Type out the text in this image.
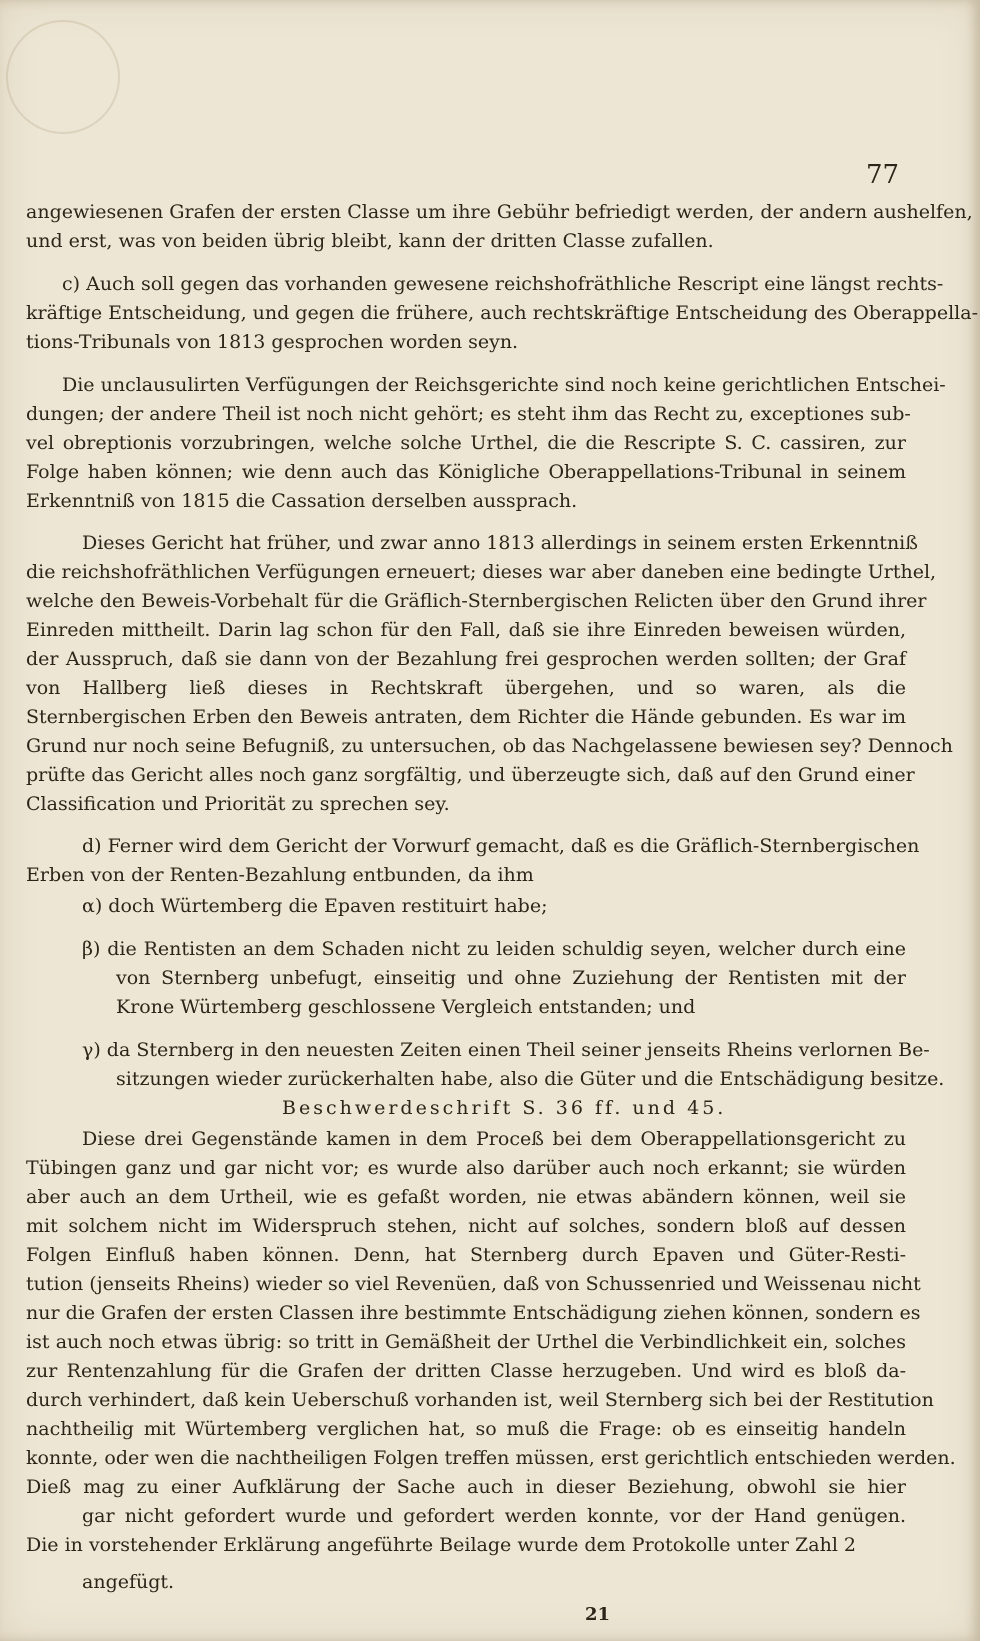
77
angewiesenen Grafen der ersten Classe um ihre Gebühr befriedigt werden, der andern aushelfen,
und erst, was von beiden übrig bleibt, kann der dritten Classe zufallen.
c) Auch soll gegen das vorhanden gewesene reichshofräthliche Rescript eine längst rechts-
kräftige Entscheidung, und gegen die frühere, auch rechtskräftige Entscheidung des Oberappella-
tions-Tribunals von 1813 gesprochen worden seyn.
Die unclausulirten Verfügungen der Reichsgerichte sind noch keine gerichtlichen Entschei-
dungen; der andere Theil ist noch nicht gehört; es steht ihm das Recht zu, exceptiones sub-
vel obreptionis vorzubringen, welche solche Urthel, die die Rescripte S. C. cassiren, zur
Folge haben können; wie denn auch das Königliche Oberappellations-Tribunal in seinem
Erkenntniß von 1815 die Cassation derselben aussprach.
Dieses Gericht hat früher, und zwar anno 1813 allerdings in seinem ersten Erkenntniß
die reichshofräthlichen Verfügungen erneuert; dieses war aber daneben eine bedingte Urthel,
welche den Beweis-Vorbehalt für die Gräflich-Sternbergischen Relicten über den Grund ihrer
Einreden mittheilt. Darin lag schon für den Fall, daß sie ihre Einreden beweisen würden,
der Ausspruch, daß sie dann von der Bezahlung frei gesprochen werden sollten; der Graf
von Hallberg ließ dieses in Rechtskraft übergehen, und so waren, als die
Sternbergischen Erben den Beweis antraten, dem Richter die Hände gebunden. Es war im
Grund nur noch seine Befugniß, zu untersuchen, ob das Nachgelassene bewiesen sey? Dennoch
prüfte das Gericht alles noch ganz sorgfältig, und überzeugte sich, daß auf den Grund einer
Classification und Priorität zu sprechen sey.
d) Ferner wird dem Gericht der Vorwurf gemacht, daß es die Gräflich-Sternbergischen
Erben von der Renten-Bezahlung entbunden, da ihm
α) doch Würtemberg die Epaven restituirt habe;
β) die Rentisten an dem Schaden nicht zu leiden schuldig seyen, welcher durch eine
von Sternberg unbefugt, einseitig und ohne Zuziehung der Rentisten mit der
Krone Würtemberg geschlossene Vergleich entstanden; und
γ) da Sternberg in den neuesten Zeiten einen Theil seiner jenseits Rheins verlornen Be-
sitzungen wieder zurückerhalten habe, also die Güter und die Entschädigung besitze.
Beschwerdeschrift S. 36 ff. und 45.
Diese drei Gegenstände kamen in dem Proceß bei dem Oberappellationsgericht zu
Tübingen ganz und gar nicht vor; es wurde also darüber auch noch erkannt; sie würden
aber auch an dem Urtheil, wie es gefaßt worden, nie etwas abändern können, weil sie
mit solchem nicht im Widerspruch stehen, nicht auf solches, sondern bloß auf dessen
Folgen Einfluß haben können. Denn, hat Sternberg durch Epaven und Güter-Resti-
tution (jenseits Rheins) wieder so viel Revenüen, daß von Schussenried und Weissenau nicht
nur die Grafen der ersten Classen ihre bestimmte Entschädigung ziehen können, sondern es
ist auch noch etwas übrig: so tritt in Gemäßheit der Urthel die Verbindlichkeit ein, solches
zur Rentenzahlung für die Grafen der dritten Classe herzugeben. Und wird es bloß da-
durch verhindert, daß kein Ueberschuß vorhanden ist, weil Sternberg sich bei der Restitution
nachtheilig mit Würtemberg verglichen hat, so muß die Frage: ob es einseitig handeln
konnte, oder wen die nachtheiligen Folgen treffen müssen, erst gerichtlich entschieden werden.
Dieß mag zu einer Aufklärung der Sache auch in dieser Beziehung, obwohl sie hier
gar nicht gefordert wurde und gefordert werden konnte, vor der Hand genügen.
Die in vorstehender Erklärung angeführte Beilage wurde dem Protokolle unter Zahl 2
angefügt.
21
